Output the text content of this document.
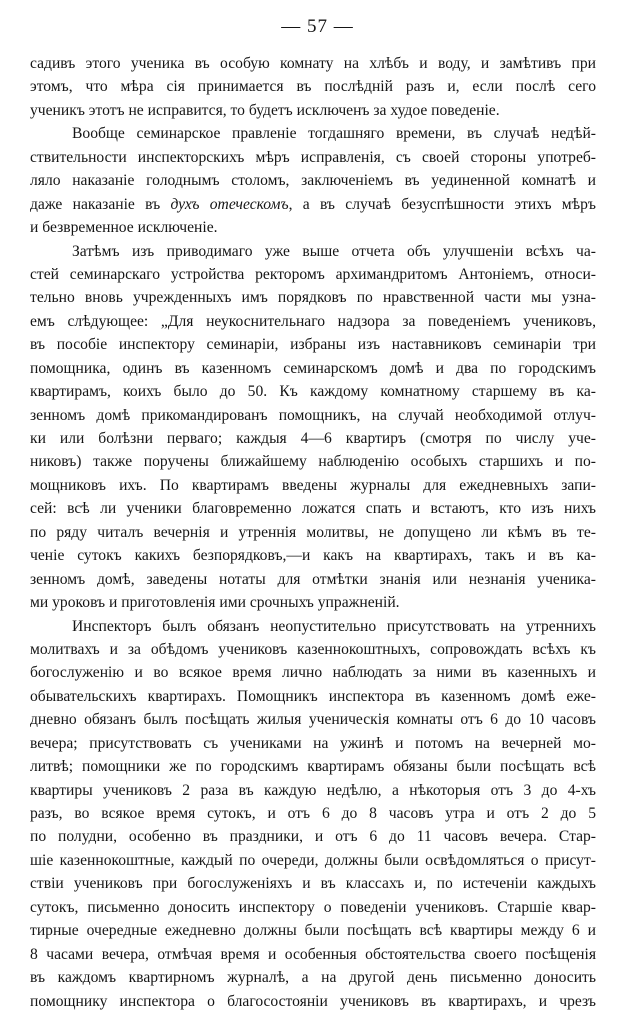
— 57 —
садивъ этого ученика въ особую комнату на хлѣбъ и воду, и замѣтивъ при
этомъ, что мѣра сія принимается въ послѣдній разъ и, если послѣ сего
ученикъ этотъ не исправится, то будетъ исключенъ за худое поведеніе.
Вообще семинарское правленіе тогдашняго времени, въ случаѣ недѣй-
ствительности инспекторскихъ мѣръ исправленія, съ своей стороны употреб-
ляло наказаніе голоднымъ столомъ, заключеніемъ въ уединенной комнатѣ и
даже наказаніе въ духъ отеческомъ, а въ случаѣ безуспѣшности этихъ мѣръ
и безвременное исключеніе.
Затѣмъ изъ приводимаго уже выше отчета объ улучшеніи всѣхъ ча-
стей семинарскаго устройства ректоромъ архимандритомъ Антоніемъ, относи-
тельно вновь учрежденныхъ имъ порядковъ по нравственной части мы узна-
емъ слѣдующее: „Для неукоснительнаго надзора за поведеніемъ учениковъ,
въ пособіе инспектору семинаріи, избраны изъ наставниковъ семинаріи три
помощника, одинъ въ казенномъ семинарскомъ домѣ и два по городскимъ
квартирамъ, коихъ было до 50. Къ каждому комнатному старшему въ ка-
зенномъ домѣ прикомандированъ помощникъ, на случай необходимой отлуч-
ки или болѣзни перваго; каждыя 4—6 квартиръ (смотря по числу уче-
никовъ) также поручены ближайшему наблюденію особыхъ старшихъ и по-
мощниковъ ихъ. По квартирамъ введены журналы для ежедневныхъ запи-
сей: всѣ ли ученики благовременно ложатся спать и встаютъ, кто изъ нихъ
по ряду читалъ вечернія и утреннія молитвы, не допущено ли кѣмъ въ те-
ченіе сутокъ какихъ безпорядковъ,—и какъ на квартирахъ, такъ и въ ка-
зенномъ домѣ, заведены нотаты для отмѣтки знанія или незнанія ученика-
ми уроковъ и приготовленія ими срочныхъ упражненій.
Инспекторъ былъ обязанъ неопустительно присутствовать на утреннихъ
молитвахъ и за обѣдомъ учениковъ казеннокоштныхъ, сопровождать всѣхъ къ
богослуженію и во всякое время лично наблюдать за ними въ казенныхъ и
обывательскихъ квартирахъ. Помощникъ инспектора въ казенномъ домѣ еже-
дневно обязанъ былъ посѣщать жилыя ученическія комнаты отъ 6 до 10 часовъ
вечера; присутствовать съ учениками на ужинѣ и потомъ на вечерней мо-
литвѣ; помощники же по городскимъ квартирамъ обязаны были посѣщать всѣ
квартиры учениковъ 2 раза въ каждую недѣлю, а нѣкоторыя отъ 3 до 4-хъ
разъ, во всякое время сутокъ, и отъ 6 до 8 часовъ утра и отъ 2 до 5
по полудни, особенно въ праздники, и отъ 6 до 11 часовъ вечера. Стар-
шіе казеннокоштные, каждый по очереди, должны были освѣдомляться о присут-
ствіи учениковъ при богослуженіяхъ и въ классахъ и, по истеченіи каждыхъ
сутокъ, письменно доносить инспектору о поведеніи учениковъ. Старшіе квар-
тирные очередные ежедневно должны были посѣщать всѣ квартиры между 6 и
8 часами вечера, отмѣчая время и особенныя обстоятельства своего посѣщенія
въ каждомъ квартирномъ журналѣ, а на другой день письменно доносить
помощнику инспектора о благосостояніи учениковъ въ квартирахъ, и чрезъ
